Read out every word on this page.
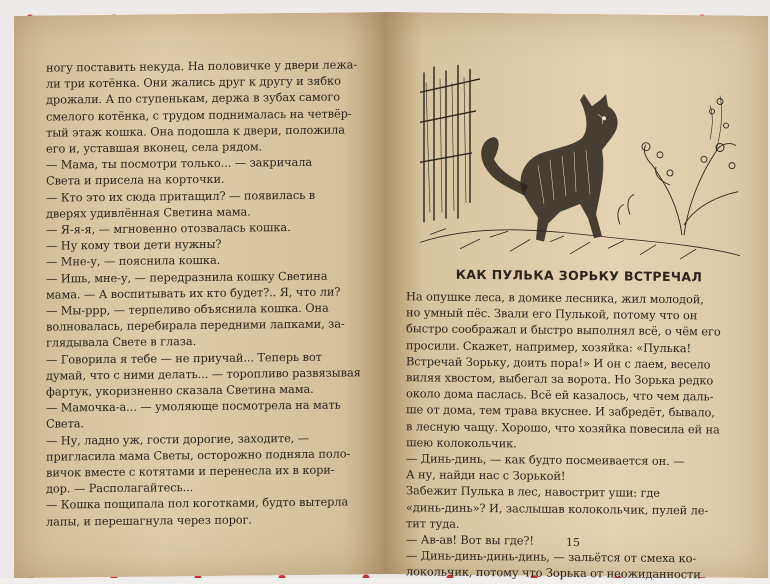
ногу поставить некуда. На половичке у двери лежа-

ли три котёнка. Они жались друг к другу и зябко

дрожали. А по ступенькам, держа в зубах самого

смелого котёнка, с трудом поднималась на четвёр-

тый этаж кошка. Она подошла к двери, положила

его и, уставшая вконец, села рядом.

— Мама, ты посмотри только... — закричала

Света и присела на корточки.

— Кто это их сюда притащил? — появилась в

дверях удивлённая Светина мама.

— Я-я-я, — мгновенно отозвалась кошка.

— Ну кому твои дети нужны?

— Мне-у, — пояснила кошка.

— Ишь, мне-у, — передразнила кошку Светина

мама. — А воспитывать их кто будет?.. Я, что ли?

— Мы-ррр, — терпеливо объяснила кошка. Она

волновалась, перебирала передними лапками, за-

глядывала Свете в глаза.

— Говорила я тебе — не приучай... Теперь вот

думай, что с ними делать... — торопливо развязывая

фартук, укоризненно сказала Светина мама.

— Мамочка-а... — умоляюще посмотрела на мать

Света.

— Ну, ладно уж, гости дорогие, заходите, —

пригласила мама Светы, осторожно подняла поло-

вичок вместе с котятами и перенесла их в кори-

дор. — Располагайтесь...

— Кошка пощипала пол коготками, будто вытерла

лапы, и перешагнула через порог.

КАК ПУЛЬКА ЗОРЬКУ ВСТРЕЧАЛ

На опушке леса, в домике лесника, жил молодой,

но умный пёс. Звали его Пулькой, потому что он

быстро соображал и быстро выполнял всё, о чём его

просили. Скажет, например, хозяйка: «Пулька!

Встречай Зорьку, доить пора!» И он с лаем, весело

виляя хвостом, выбегал за ворота. Но Зорька редко

около дома паслась. Всё ей казалось, что чем даль-

ше от дома, тем трава вкуснее. И забредёт, бывало,

в лесную чащу. Хорошо, что хозяйка повесила ей на

шею колокольчик.

— Динь-динь, — как будто посмеивается он. —

А ну, найди нас с Зорькой!

Забежит Пулька в лес, навострит уши: где

«динь-динь»? И, заслышав колокольчик, пулей ле-

тит туда.

— Ав-ав! Вот вы где?!

— Динь-динь-динь-динь, — зальётся от смеха ко-

локольчик, потому что Зорька от неожиданности

15
